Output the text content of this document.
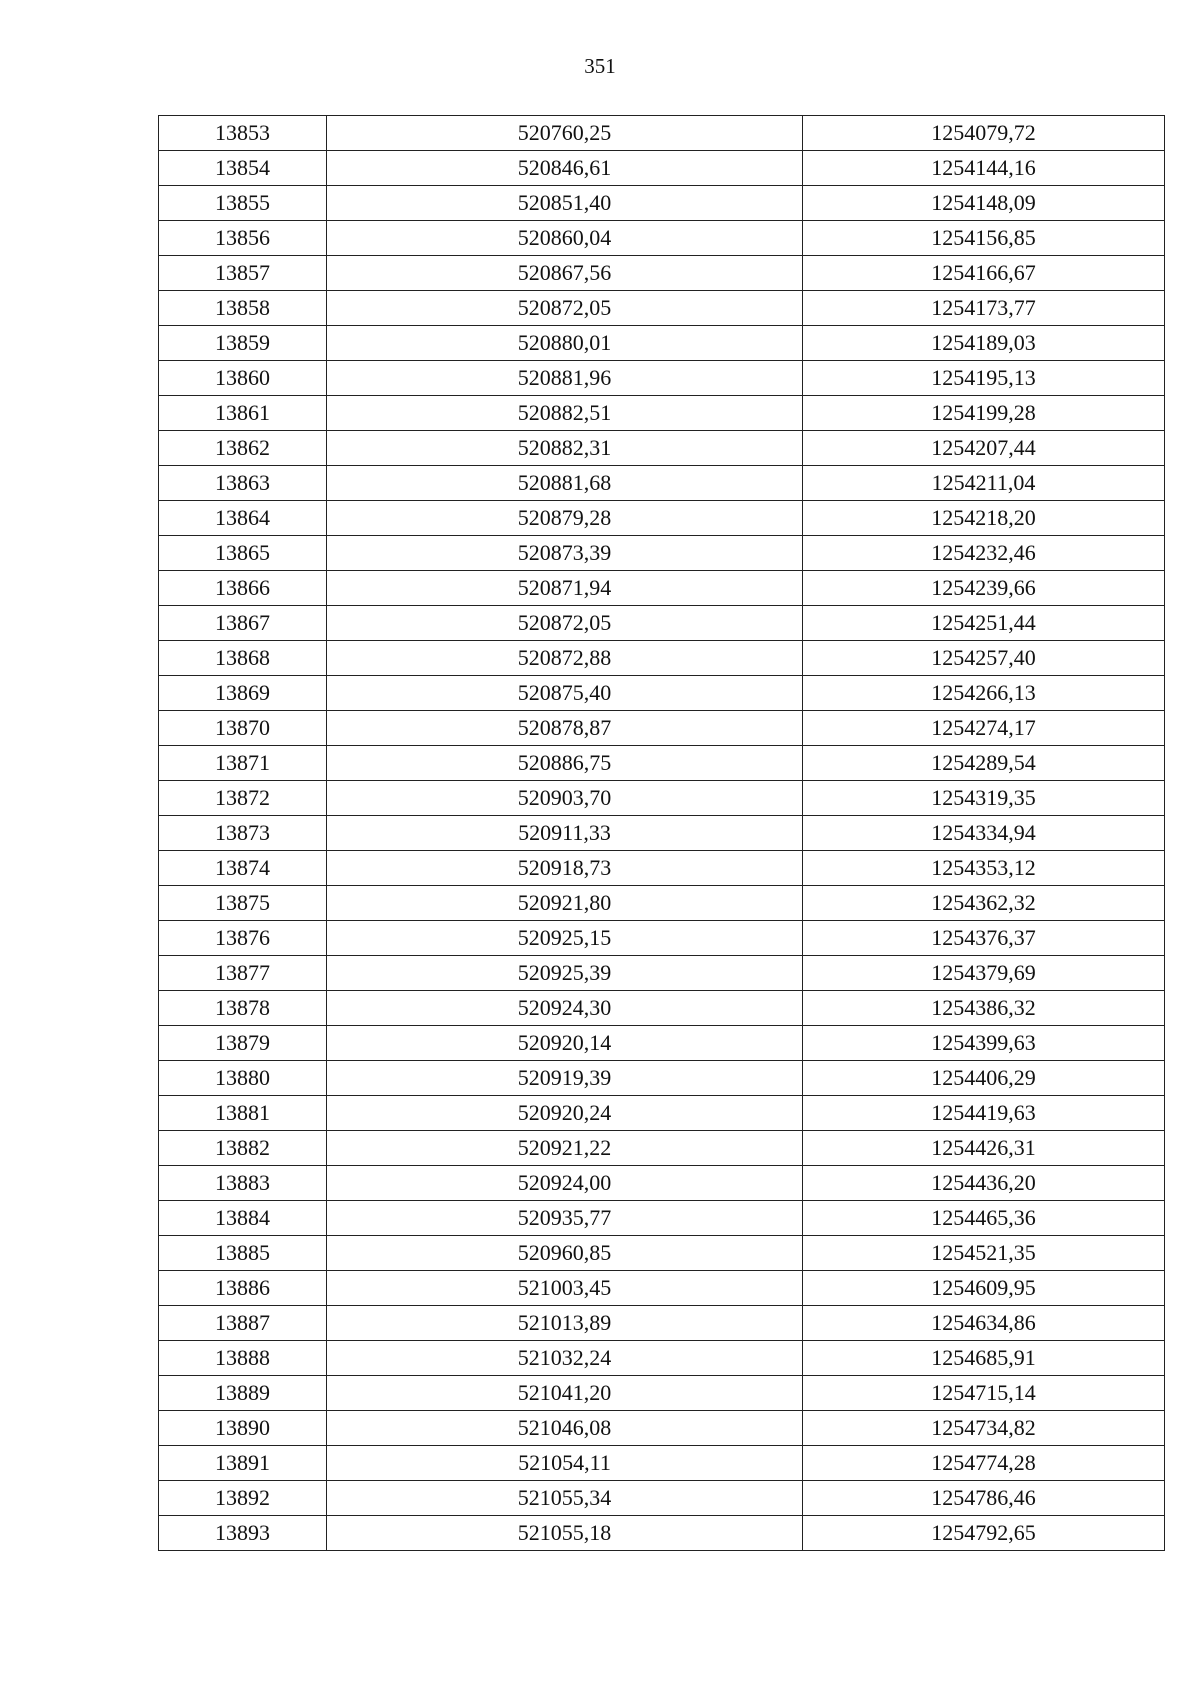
351
13853	520760,25	1254079,72
13854	520846,61	1254144,16
13855	520851,40	1254148,09
13856	520860,04	1254156,85
13857	520867,56	1254166,67
13858	520872,05	1254173,77
13859	520880,01	1254189,03
13860	520881,96	1254195,13
13861	520882,51	1254199,28
13862	520882,31	1254207,44
13863	520881,68	1254211,04
13864	520879,28	1254218,20
13865	520873,39	1254232,46
13866	520871,94	1254239,66
13867	520872,05	1254251,44
13868	520872,88	1254257,40
13869	520875,40	1254266,13
13870	520878,87	1254274,17
13871	520886,75	1254289,54
13872	520903,70	1254319,35
13873	520911,33	1254334,94
13874	520918,73	1254353,12
13875	520921,80	1254362,32
13876	520925,15	1254376,37
13877	520925,39	1254379,69
13878	520924,30	1254386,32
13879	520920,14	1254399,63
13880	520919,39	1254406,29
13881	520920,24	1254419,63
13882	520921,22	1254426,31
13883	520924,00	1254436,20
13884	520935,77	1254465,36
13885	520960,85	1254521,35
13886	521003,45	1254609,95
13887	521013,89	1254634,86
13888	521032,24	1254685,91
13889	521041,20	1254715,14
13890	521046,08	1254734,82
13891	521054,11	1254774,28
13892	521055,34	1254786,46
13893	521055,18	1254792,65
